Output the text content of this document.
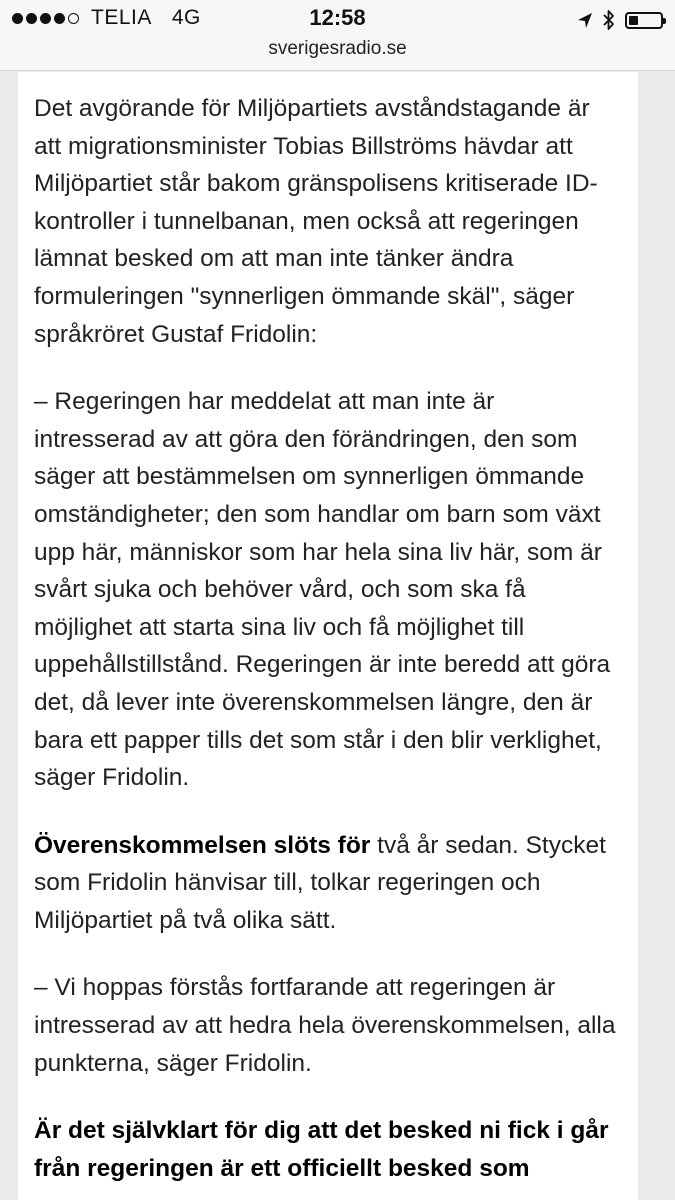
TELIA 4G	12:58
sverigesradio.se

Det avgörande för Miljöpartiets avståndstagande är att migrationsminister Tobias Billströms hävdar att Miljöpartiet står bakom gränspolisens kritiserade ID-kontroller i tunnelbanan, men också att regeringen lämnat besked om att man inte tänker ändra formuleringen "synnerligen ömmande skäl", säger språkröret Gustaf Fridolin:

– Regeringen har meddelat att man inte är intresserad av att göra den förändringen, den som säger att bestämmelsen om synnerligen ömmande omständigheter; den som handlar om barn som växt upp här, människor som har hela sina liv här, som är svårt sjuka och behöver vård, och som ska få möjlighet att starta sina liv och få möjlighet till uppehållstillstånd. Regeringen är inte beredd att göra det, då lever inte överenskommelsen längre, den är bara ett papper tills det som står i den blir verklighet, säger Fridolin.

Överenskommelsen slöts för två år sedan. Stycket som Fridolin hänvisar till, tolkar regeringen och Miljöpartiet på två olika sätt.

– Vi hoppas förstås fortfarande att regeringen är intresserad av att hedra hela överenskommelsen, alla punkterna, säger Fridolin.

Är det självklart för dig att det besked ni fick i går från regeringen är ett officiellt besked som
